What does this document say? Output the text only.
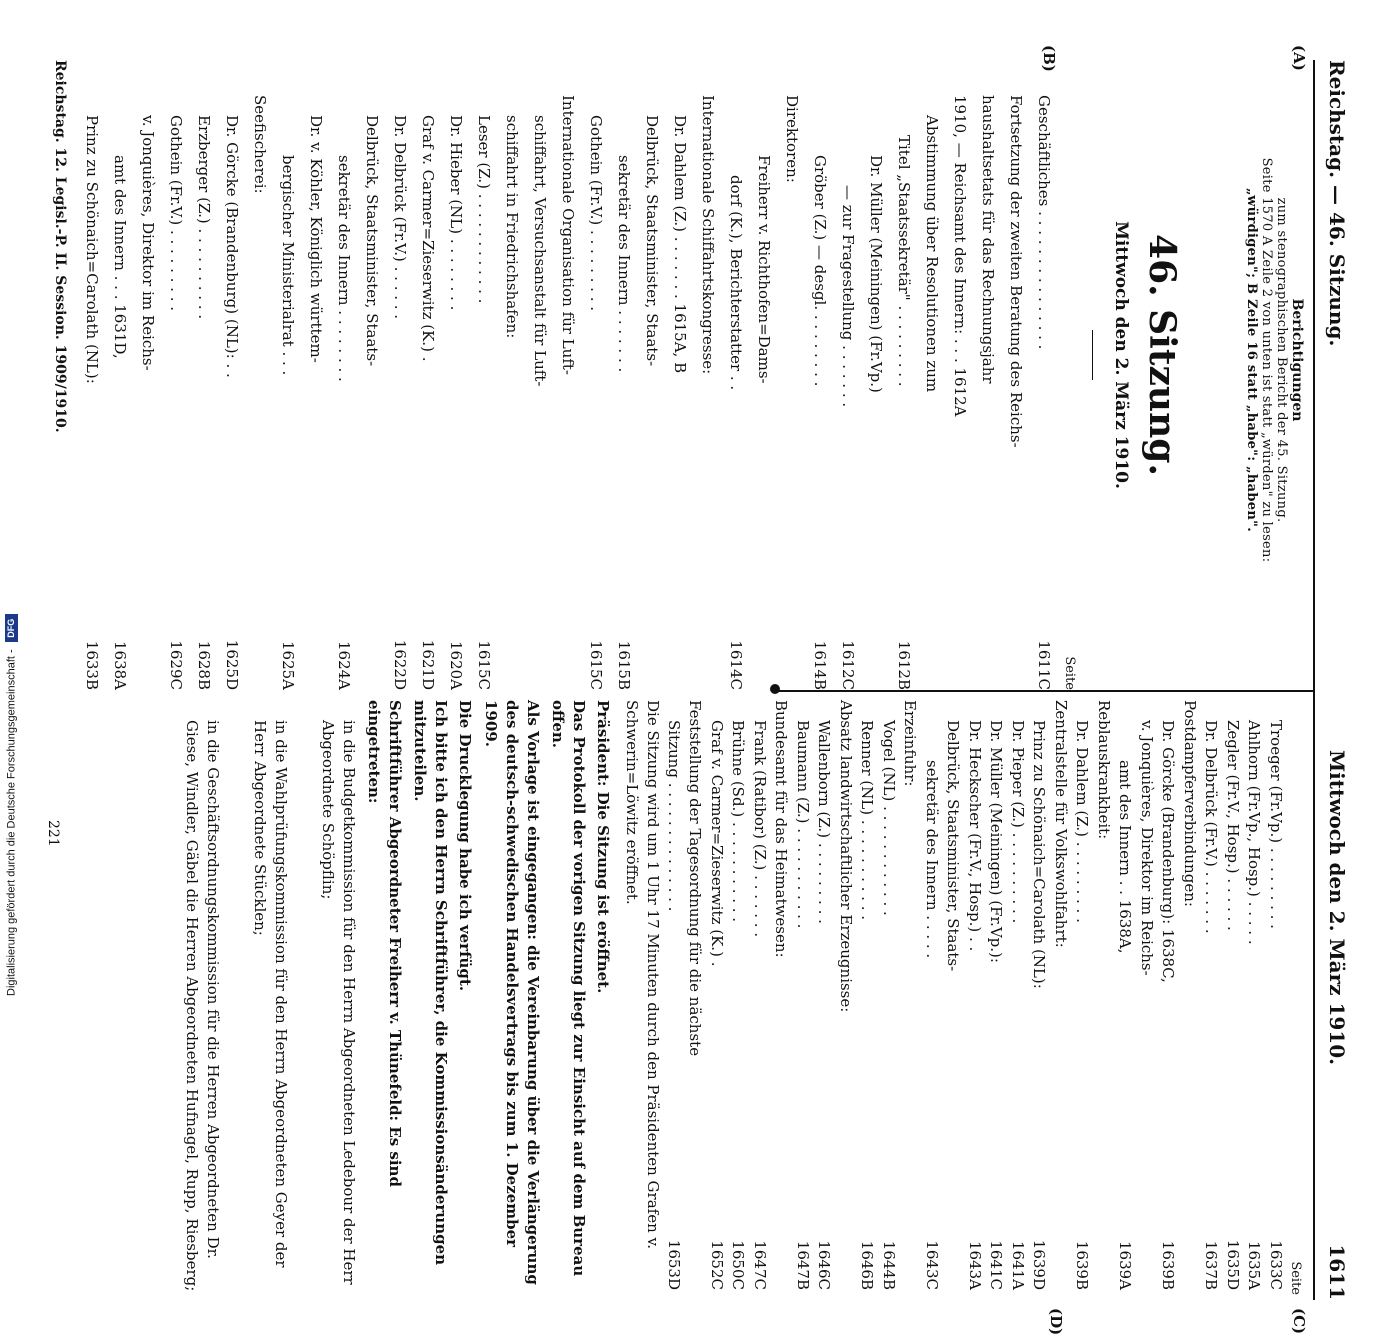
Reichstag. — 46. Sitzung.
Mittwoch den 2. März 1910.
1611
(A)
(B)
(C)
(D)
Berichtigungen
zum stenographischen Bericht der 45. Sitzung.
Seite 1570 A Zeile 2 von unten ist statt „würden" zu lesen:
„würdigen"; B Zeile 16 statt „habe": „haben".
46. Sitzung.
Mittwoch den 2. März 1910.
Seite
Geschäftliches . . . . . . . . . . . . . . .
1611C
Fortsetzung der zweiten Beratung des Reichs-
haushaltsetats für das Rechnungsjahr
1910, — Reichsamt des Innern: . . . 1612A
Abstimmung über Resolutionen zum
Titel „Staatssekretär" . . . . . . . . .
1612B
Dr. Müller (Meiningen) (Fr.Vp.)
— zur Fragestellung . . . . . . .
1612C
Gröber (Z.) — desgl. . . . . . . . .
1614B
Direktoren:
Freiherr v. Richthofen=Dams-
dorf (K.), Berichterstatter . .
1614C
Internationale Schiffahrtskongresse:
Dr. Dahlem (Z.) . . . . . . . 1615A, B
Delbrück, Staatsminister, Staats-
sekretär des Innern . . . . . . .
1615B
Gothein (Fr.V.) . . . . . . . . .
1615C
Internationale Organisation für Luft-
schiffahrt, Versuchsanstalt für Luft-
schiffahrt in Friedrichshafen:
Leser (Z.) . . . . . . . . . . . .
1615C
Dr. Hieber (NL) . . . . . . . .
1620A
Graf v. Carmer=Zieserwitz (K.) .
1621D
Dr. Delbrück (Fr.V.) . . . . . .
1622D
Delbrück, Staatsminister, Staats-
sekretär des Innern . . . . . . . .
1624A
Dr. v. Köhler, Königlich württem-
bergischer Ministerialrat . . .
1625A
Seefischerei:
Dr. Görcke (Brandenburg) (NL): . .
1625D
Erzberger (Z.) . . . . . . . . . .
1628B
Gothein (Fr.V.) . . . . . . . . .
1629C
v. Jonquières, Direktor im Reichs-
amt des Innern . . . 1631D,
1638A
Prinz zu Schönaich=Carolath (NL):
1633B
Seite
Troeger (Fr.Vp.) . . . . . . . . .
1633C
Ahlhorn (Fr.Vp., Hosp.) . . . . .
1635A
Zegler (Fr.V., Hosp.) . . . . . .
1635D
Dr. Delbrück (Fr.V.) . . . . . . .
1637B
Postdampferverbindungen:
Dr. Görcke (Brandenburg): 1638C,
1639B
v. Jonquières, Direktor im Reichs-
amt des Innern . . 1638A,
1639A
Reblauskrankheit:
Dr. Dahlem (Z.) . . . . . . . . .
1639B
Zentralstelle für Volkswohlfahrt:
Prinz zu Schönaich=Carolath (NL):
1639D
Dr. Pieper (Z.) . . . . . . . . . .
1641A
Dr. Müller (Meiningen) (Fr.Vp.):
1641C
Dr. Heckscher (Fr.V., Hosp.) . .
1643A
Delbrück, Staatsminister, Staats-
sekretär des Innern . . . . .
1643C
Erzeinfuhr:
Vogel (NL) . . . . . . . . . . . .
1644B
Renner (NL) . . . . . . . . . . .
1646B
Absatz landwirtschaftlicher Erzeugnisse:
Wallenborn (Z.) . . . . . . . . .
1646C
Baumann (Z.) . . . . . . . . . . .
1647B
Bundesamt für das Heimatwesen:
Frank (Ratibor) (Z.) . . . . . . .
1647C
Brühne (Sd.) . . . . . . . . . . .
1650C
Graf v. Carmer=Zieserwitz (K.) .
1652C
Feststellung der Tagesordnung für die nächste
Sitzung . . . . . . . . . . . . . .
1653D
Die Sitzung wird um 1 Uhr 17 Minuten durch den Präsidenten Grafen v. Schwerin=Löwitz eröffnet.
Präsident: Die Sitzung ist eröffnet.
Das Protokoll der vorigen Sitzung liegt zur Einsicht auf dem Bureau offen.
Als Vorlage ist eingegangen: die Vereinbarung über die Verlängerung des deutsch-schwedischen Handelsvertrags bis zum 1. Dezember 1909.
Die Drucklegung habe ich verfügt.
Ich bitte ich den Herrn Schriftführer, die Kommissionsänderungen mitzuteilen.
Schriftführer Abgeordneter Freiherr v. Thünefeld: Es sind eingetreten:
in die Budgetkommission für den Herrn Abgeordneten Ledebour der Herr Abgeordnete Schöpflin;
in die Wahlprüfungskommission für den Herrn Abgeordneten Geyer der Herr Abgeordnete Stücklen;
in die Geschäftsordnungskommission für die Herren Abgeordneten Dr. Giese, Windler, Gäbel die Herren Abgeordneten Hufnagel, Rupp, Riesberg;
Reichstag. 12. Legisl.-P. II. Session. 1909/1910.
221
Digitalisierung gefördert durch die Deutsche Forschungsgemeinschaft - DFG
